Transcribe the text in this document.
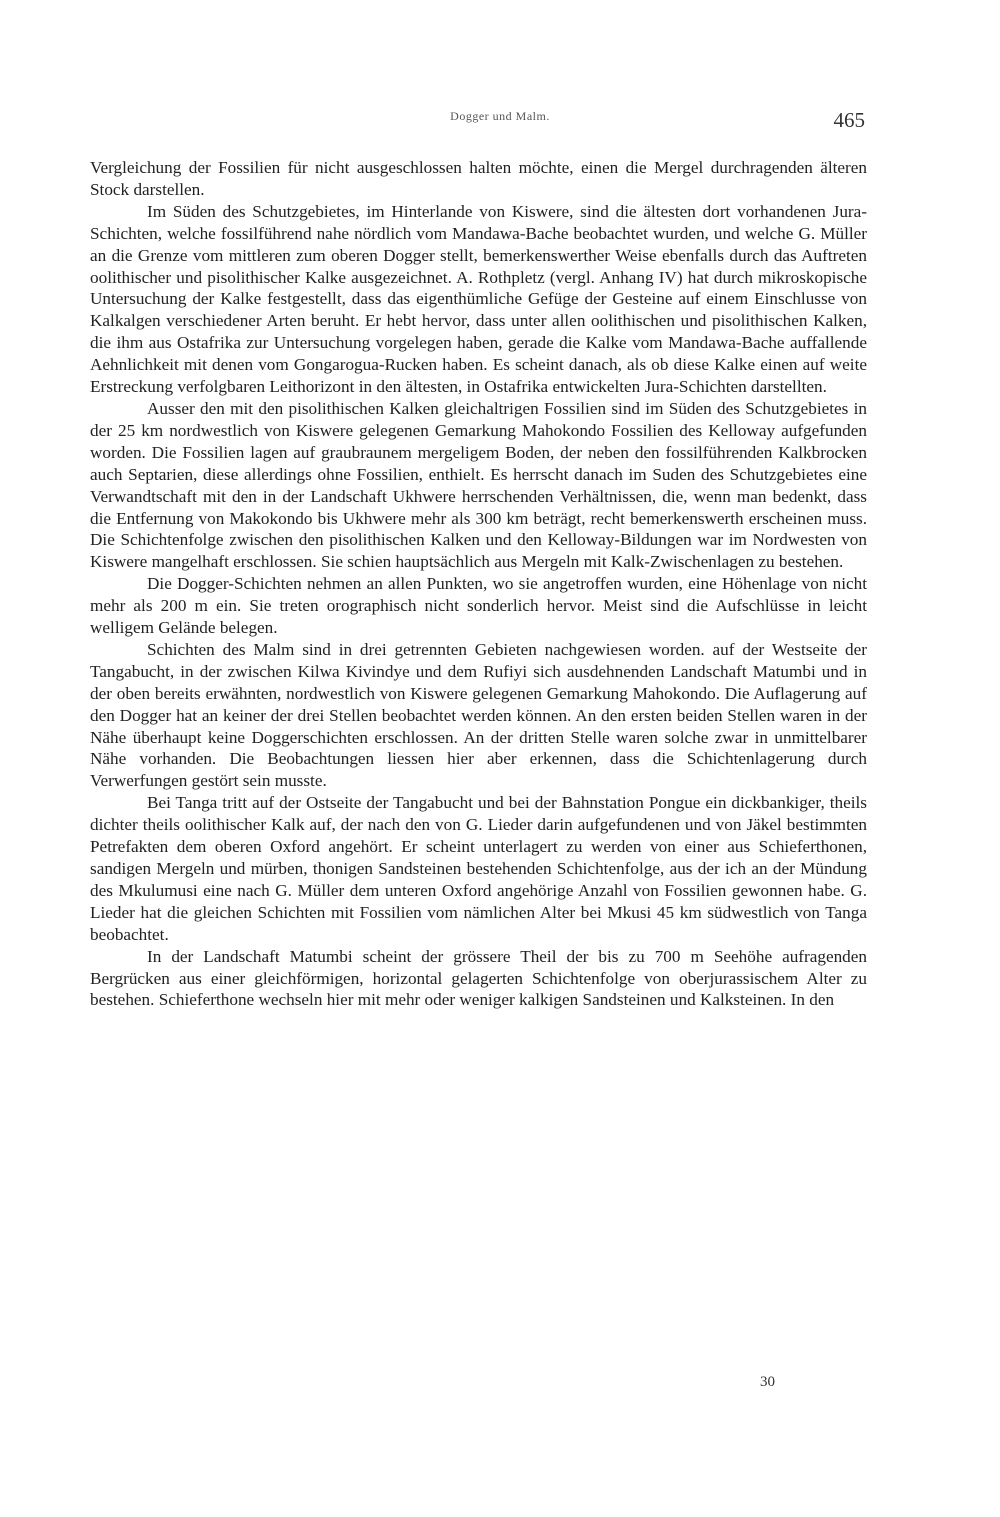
Dogger und Malm.	465

Vergleichung der Fossilien für nicht ausgeschlossen halten möchte, einen die Mergel durchragenden älteren Stock darstellen.

Im Süden des Schutzgebietes, im Hinterlande von Kiswere, sind die ältesten dort vorhandenen Jura-Schichten, welche fossilführend nahe nördlich vom Mandawa-Bache beobachtet wurden, und welche G. Müller an die Grenze vom mittleren zum oberen Dogger stellt, bemerkenswerther Weise ebenfalls durch das Auftreten oolithischer und pisolithischer Kalke ausgezeichnet. A. Rothpletz (vergl. Anhang IV) hat durch mikroskopische Untersuchung der Kalke festgestellt, dass das eigenthümliche Gefüge der Gesteine auf einem Einschlusse von Kalkalgen verschiedener Arten beruht. Er hebt hervor, dass unter allen oolithischen und pisolithischen Kalken, die ihm aus Ostafrika zur Untersuchung vorgelegen haben, gerade die Kalke vom Mandawa-Bache auffallende Aehnlichkeit mit denen vom Gongarogua-Rucken haben. Es scheint danach, als ob diese Kalke einen auf weite Erstreckung verfolgbaren Leithorizont in den ältesten, in Ostafrika entwickelten Jura-Schichten darstellten.

Ausser den mit den pisolithischen Kalken gleichaltrigen Fossilien sind im Süden des Schutzgebietes in der 25 km nordwestlich von Kiswere gelegenen Gemarkung Mahokondo Fossilien des Kelloway aufgefunden worden. Die Fossilien lagen auf graubraunem mergeligem Boden, der neben den fossilführenden Kalkbrocken auch Septarien, diese allerdings ohne Fossilien, enthielt. Es herrscht danach im Suden des Schutzgebietes eine Verwandtschaft mit den in der Landschaft Ukhwere herrschenden Verhältnissen, die, wenn man bedenkt, dass die Entfernung von Makokondo bis Ukhwere mehr als 300 km beträgt, recht bemerkenswerth erscheinen muss. Die Schichtenfolge zwischen den pisolithischen Kalken und den Kelloway-Bildungen war im Nordwesten von Kiswere mangelhaft erschlossen. Sie schien hauptsächlich aus Mergeln mit Kalk-Zwischenlagen zu bestehen.

Die Dogger-Schichten nehmen an allen Punkten, wo sie angetroffen wurden, eine Höhenlage von nicht mehr als 200 m ein. Sie treten orographisch nicht sonderlich hervor. Meist sind die Aufschlüsse in leicht welligem Gelände belegen.

Schichten des Malm sind in drei getrennten Gebieten nachgewiesen worden. auf der Westseite der Tangabucht, in der zwischen Kilwa Kivindye und dem Rufiyi sich ausdehnenden Landschaft Matumbi und in der oben bereits erwähnten, nordwestlich von Kiswere gelegenen Gemarkung Mahokondo. Die Auflagerung auf den Dogger hat an keiner der drei Stellen beobachtet werden können. An den ersten beiden Stellen waren in der Nähe überhaupt keine Doggerschichten erschlossen. An der dritten Stelle waren solche zwar in unmittelbarer Nähe vorhanden. Die Beobachtungen liessen hier aber erkennen, dass die Schichtenlagerung durch Verwerfungen gestört sein musste.

Bei Tanga tritt auf der Ostseite der Tangabucht und bei der Bahnstation Pongue ein dickbankiger, theils dichter theils oolithischer Kalk auf, der nach den von G. Lieder darin aufgefundenen und von Jäkel bestimmten Petrefakten dem oberen Oxford angehört. Er scheint unterlagert zu werden von einer aus Schieferthonen, sandigen Mergeln und mürben, thonigen Sandsteinen bestehenden Schichtenfolge, aus der ich an der Mündung des Mkulumusi eine nach G. Müller dem unteren Oxford angehörige Anzahl von Fossilien gewonnen habe. G. Lieder hat die gleichen Schichten mit Fossilien vom nämlichen Alter bei Mkusi 45 km südwestlich von Tanga beobachtet.

In der Landschaft Matumbi scheint der grössere Theil der bis zu 700 m Seehöhe aufragenden Bergrücken aus einer gleichförmigen, horizontal gelagerten Schichtenfolge von oberjurassischem Alter zu bestehen. Schieferthone wechseln hier mit mehr oder weniger kalkigen Sandsteinen und Kalksteinen. In den

30
